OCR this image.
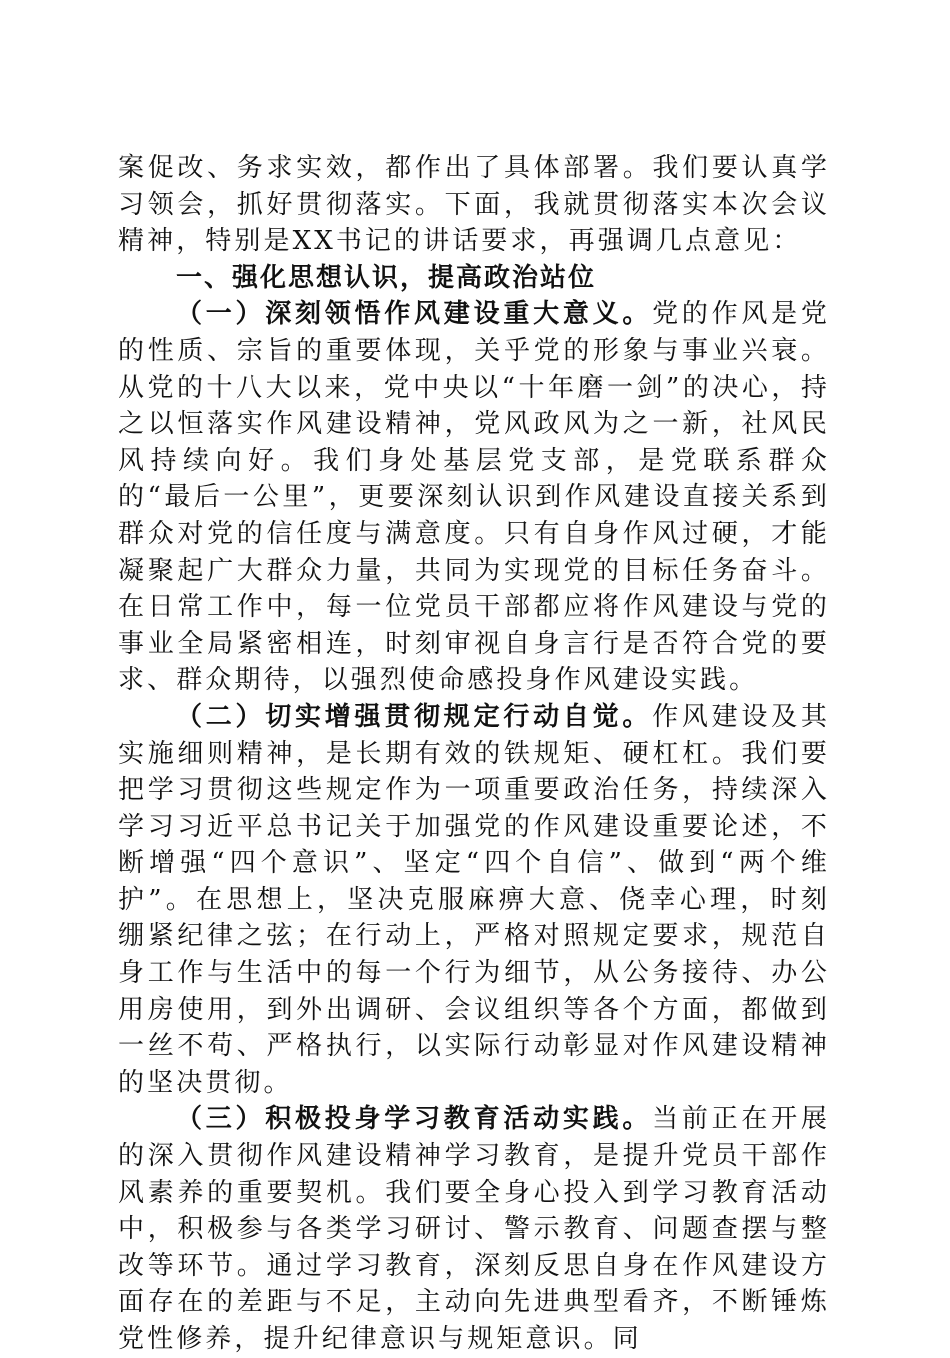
案促改、务求实效，都作出了具体部署。我们要认真学习领会，抓好贯彻落实。下面，我就贯彻落实本次会议精神，特别是XX书记的讲话要求，再强调几点意见：

一、强化思想认识，提高政治站位

（一）深刻领悟作风建设重大意义。党的作风是党的性质、宗旨的重要体现，关乎党的形象与事业兴衰。从党的十八大以来，党中央以“十年磨一剑”的决心，持之以恒落实作风建设精神，党风政风为之一新，社风民风持续向好。我们身处基层党支部，是党联系群众的“最后一公里”，更要深刻认识到作风建设直接关系到群众对党的信任度与满意度。只有自身作风过硬，才能凝聚起广大群众力量，共同为实现党的目标任务奋斗。在日常工作中，每一位党员干部都应将作风建设与党的事业全局紧密相连，时刻审视自身言行是否符合党的要求、群众期待，以强烈使命感投身作风建设实践。

（二）切实增强贯彻规定行动自觉。作风建设及其实施细则精神，是长期有效的铁规矩、硬杠杠。我们要把学习贯彻这些规定作为一项重要政治任务，持续深入学习习近平总书记关于加强党的作风建设重要论述，不断增强“四个意识”、坚定“四个自信”、做到“两个维护”。在思想上，坚决克服麻痹大意、侥幸心理，时刻绷紧纪律之弦；在行动上，严格对照规定要求，规范自身工作与生活中的每一个行为细节，从公务接待、办公用房使用，到外出调研、会议组织等各个方面，都做到一丝不苟、严格执行，以实际行动彰显对作风建设精神的坚决贯彻。

（三）积极投身学习教育活动实践。当前正在开展的深入贯彻作风建设精神学习教育，是提升党员干部作风素养的重要契机。我们要全身心投入到学习教育活动中，积极参与各类学习研讨、警示教育、问题查摆与整改等环节。通过学习教育，深刻反思自身在作风建设方面存在的差距与不足，主动向先进典型看齐，不断锤炼党性修养，提升纪律意识与规矩意识。同
